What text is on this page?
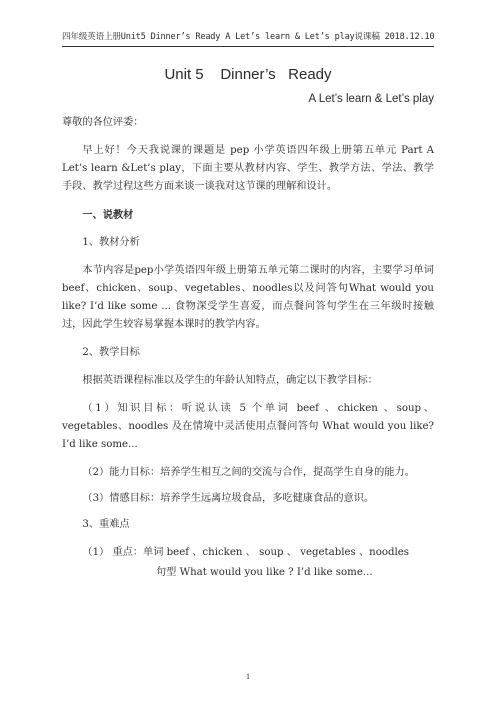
四年级英语上册Unit5 Dinner’s Ready A Let’s learn & Let’s play说课稿 2018.12.10
Unit 5 Dinner’s Ready
A Let’s learn & Let’s play

尊敬的各位评委：

早上好！今天我说课的课题是 pep 小学英语四年级上册第五单元 Part A Let’s learn &Let’s play，下面主要从教材内容、学生、教学方法、学法、教学手段、教学过程这些方面来谈一谈我对这节课的理解和设计。

一、说教材

1、教材分析

本节内容是pep小学英语四年级上册第五单元第二课时的内容，主要学习单词beef、chicken、soup、vegetables、noodles以及问答句What would you like? I’d like some ... 食物深受学生喜爱，而点餐问答句学生在三年级时接触过，因此学生较容易掌握本课时的教学内容。

2、教学目标

根据英语课程标准以及学生的年龄认知特点，确定以下教学目标：

（1）知识目标：听说认读 5 个单词 beef 、chicken 、soup、 vegetables、noodles 及在情境中灵活使用点餐问答句 What would you like? I’d like some...

（2）能力目标：培养学生相互之间的交流与合作，提高学生自身的能力。

（3）情感目标：培养学生远离垃圾食品，多吃健康食品的意识。

3、重难点

（1） 重点：单词 beef 、chicken 、 soup 、 vegetables 、noodles

句型 What would you like ? I’d like some...

1
